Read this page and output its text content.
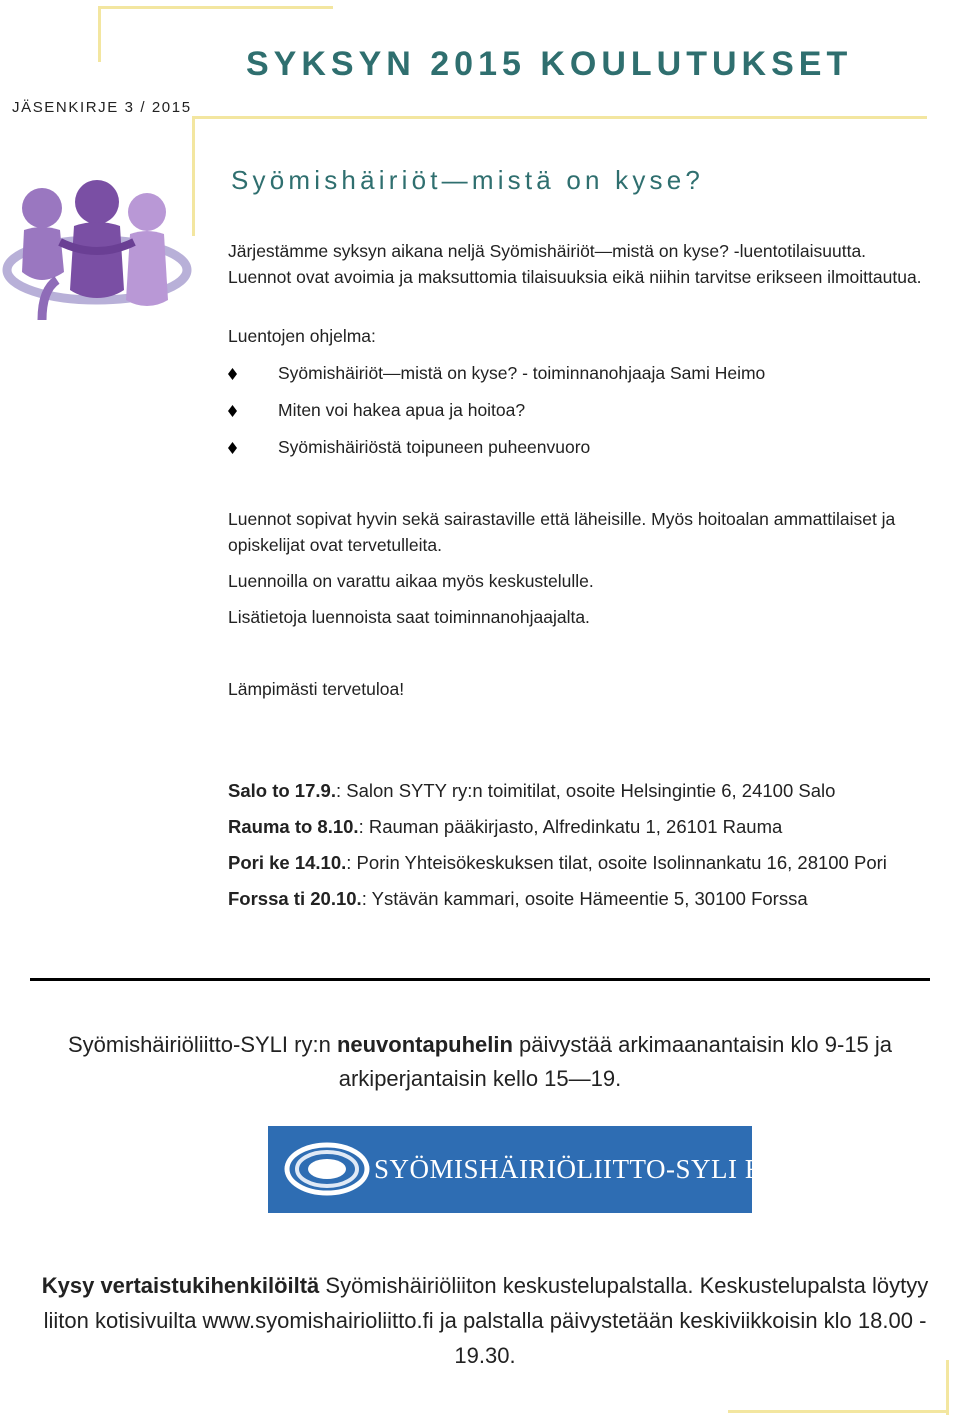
JÄSENKIRJE 3 / 2015
SYKSYN 2015 KOULUTUKSET
Syömishäiriöt—mistä on kyse?
Järjestämme syksyn aikana neljä Syömishäiriöt—mistä on kyse? -luentotilaisuutta. Luennot ovat avoimia ja maksuttomia tilaisuuksia eikä niihin tarvitse erikseen ilmoittautua.
Luentojen ohjelma:
Syömishäiriöt—mistä on kyse? - toiminnanohjaaja Sami Heimo
Miten voi hakea apua ja hoitoa?
Syömishäiriöstä toipuneen puheenvuoro
Luennot sopivat hyvin sekä sairastaville että läheisille. Myös hoitoalan ammattilaiset ja opiskelijat ovat tervetulleita.
Luennoilla on varattu aikaa myös keskustelulle.
Lisätietoja luennoista saat toiminnanohjaajalta.
Lämpimästi tervetuloa!
Salo to 17.9.: Salon SYTY ry:n toimitilat, osoite Helsingintie 6, 24100 Salo
Rauma to 8.10.: Rauman pääkirjasto, Alfredinkatu 1, 26101 Rauma
Pori ke 14.10.: Porin Yhteisökeskuksen tilat, osoite Isolinnankatu 16, 28100 Pori
Forssa ti 20.10.: Ystävän kammari, osoite Hämeentie 5, 30100 Forssa
Syömishäiriöliitto-SYLI ry:n neuvontapuhelin päivystää arkimaanantaisin klo 9-15 ja arkiperjantaisin kello 15—19.
SYÖMISHÄIRIÖLIITTO-SYLI RY
Kysy vertaistukihenkilöiltä Syömishäiriöliiton keskustelupalstalla. Keskustelupalsta löytyy liiton kotisivuilta www.syomishairioliitto.fi ja palstalla päivystetään keskiviikkoisin klo 18.00 - 19.30.
